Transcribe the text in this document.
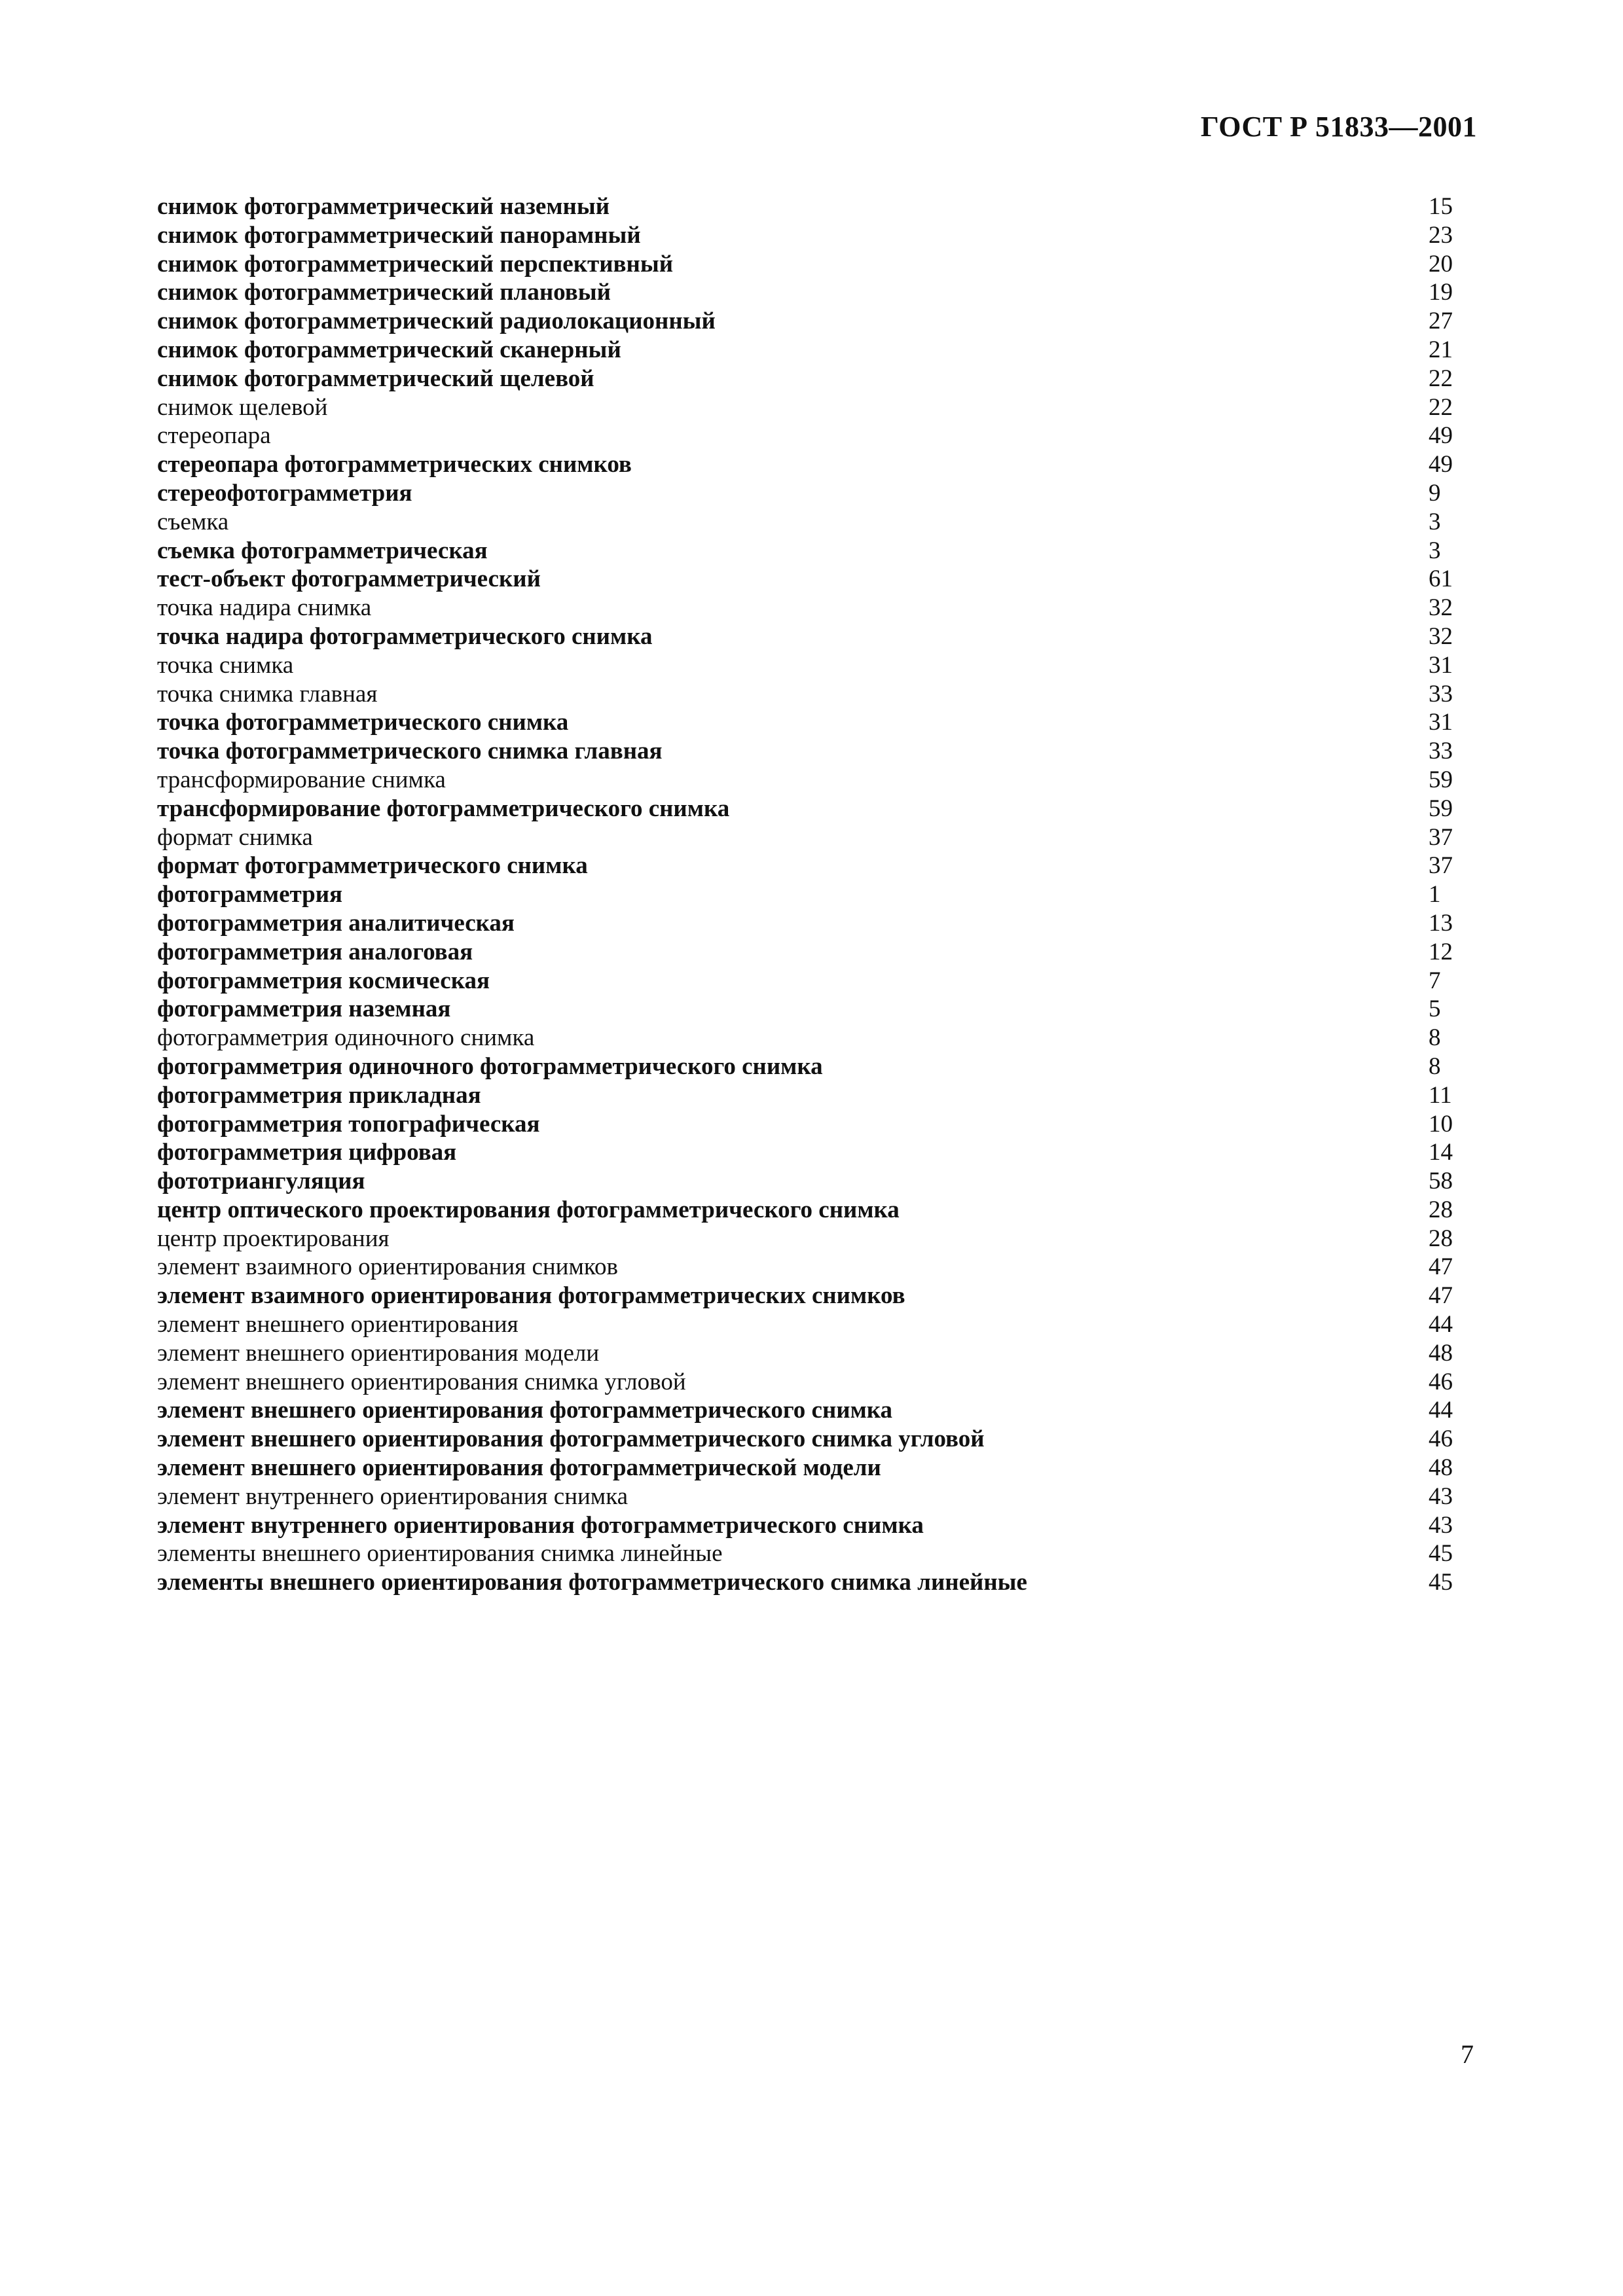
ГОСТ Р 51833—2001
снимок фотограмметрический наземный	15
снимок фотограмметрический панорамный	23
снимок фотограмметрический перспективный	20
снимок фотограмметрический плановый	19
снимок фотограмметрический радиолокационный	27
снимок фотограмметрический сканерный	21
снимок фотограмметрический щелевой	22
снимок щелевой	22
стереопара	49
стереопара фотограмметрических снимков	49
стереофотограмметрия	9
съемка	3
съемка фотограмметрическая	3
тест-объект фотограмметрический	61
точка надира снимка	32
точка надира фотограмметрического снимка	32
точка снимка	31
точка снимка главная	33
точка фотограмметрического снимка	31
точка фотограмметрического снимка главная	33
трансформирование снимка	59
трансформирование фотограмметрического снимка	59
формат снимка	37
формат фотограмметрического снимка	37
фотограмметрия	1
фотограмметрия аналитическая	13
фотограмметрия аналоговая	12
фотограмметрия космическая	7
фотограмметрия наземная	5
фотограмметрия одиночного снимка	8
фотограмметрия одиночного фотограмметрического снимка	8
фотограмметрия прикладная	11
фотограмметрия топографическая	10
фотограмметрия цифровая	14
фототриангуляция	58
центр оптического проектирования фотограмметрического снимка	28
центр проектирования	28
элемент взаимного ориентирования снимков	47
элемент взаимного ориентирования фотограмметрических снимков	47
элемент внешнего ориентирования	44
элемент внешнего ориентирования модели	48
элемент внешнего ориентирования снимка угловой	46
элемент внешнего ориентирования фотограмметрического снимка	44
элемент внешнего ориентирования фотограмметрического снимка угловой	46
элемент внешнего ориентирования фотограмметрической модели	48
элемент внутреннего ориентирования снимка	43
элемент внутреннего ориентирования фотограмметрического снимка	43
элементы внешнего ориентирования снимка линейные	45
элементы внешнего ориентирования фотограмметрического снимка линейные	45
7
